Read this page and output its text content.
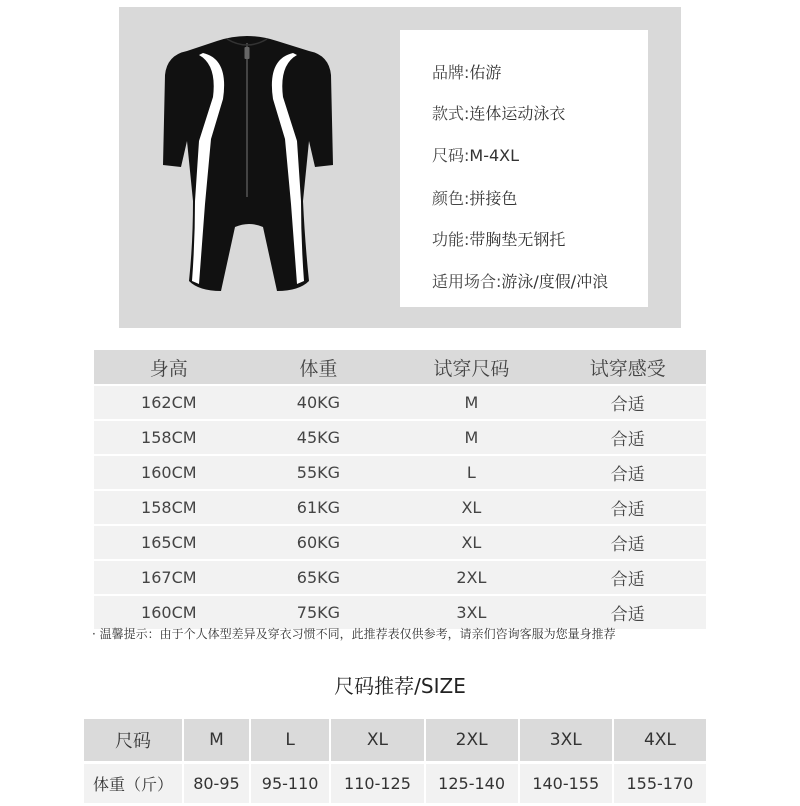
品牌:佑游
款式:连体运动泳衣
尺码:M-4XL
颜色:拼接色
功能:带胸垫无钢托
适用场合:游泳/度假/冲浪
身高	体重	试穿尺码	试穿感受
162CM	40KG	M	合适
158CM	45KG	M	合适
160CM	55KG	L	合适
158CM	61KG	XL	合适
165CM	60KG	XL	合适
167CM	65KG	2XL	合适
160CM	75KG	3XL	合适
· 温馨提示：由于个人体型差异及穿衣习惯不同，此推荐表仅供参考，请亲们咨询客服为您量身推荐
尺码推荐/SIZE
尺码	M	L	XL	2XL	3XL	4XL
体重（斤）	80-95	95-110	110-125	125-140	140-155	155-170
